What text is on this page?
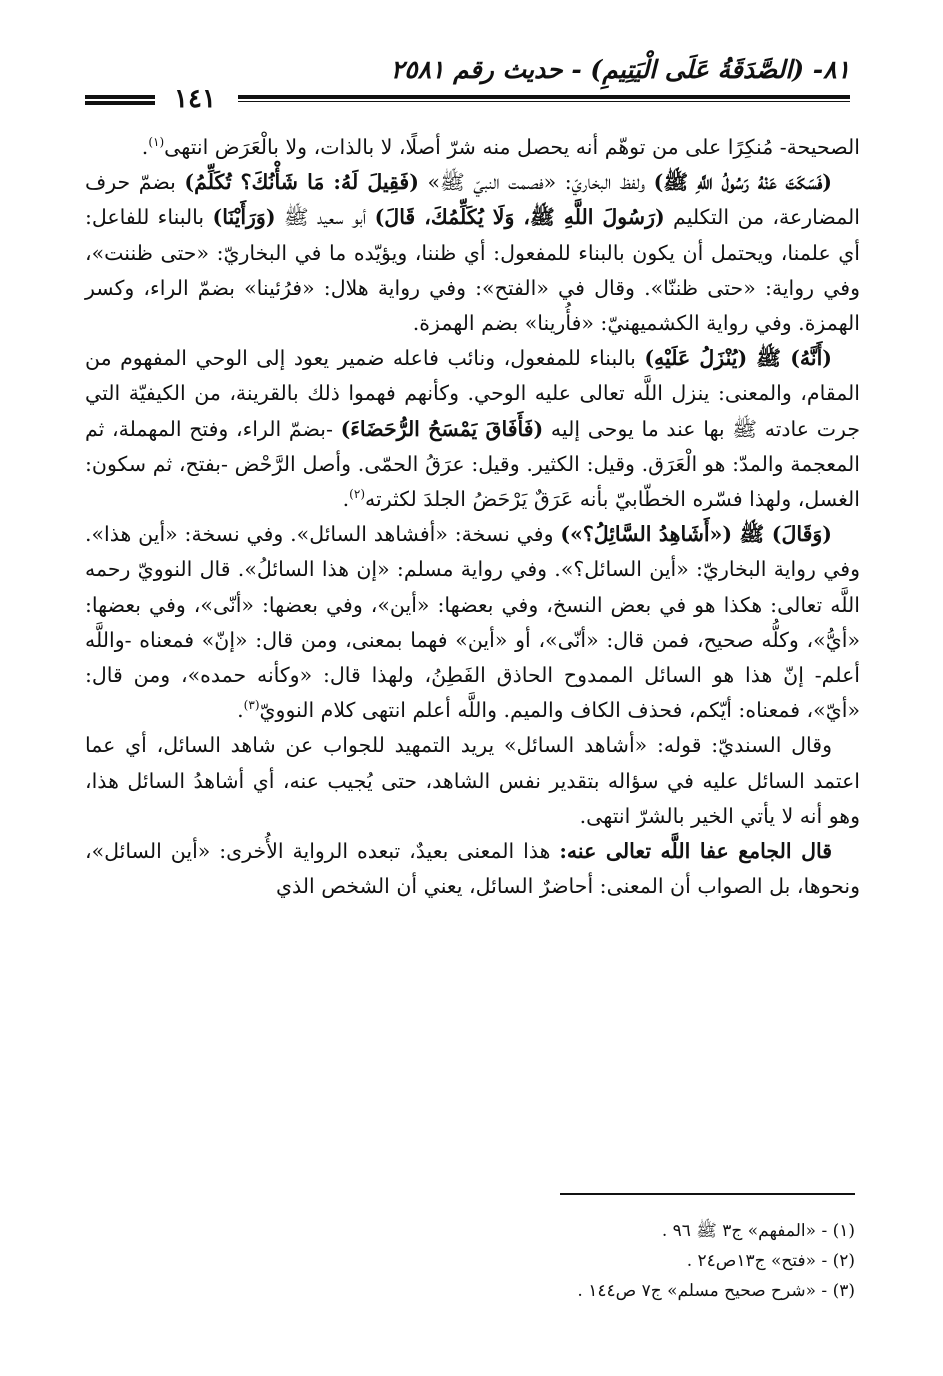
٨١- (الصَّدَقَةُ عَلَى الْيَتِيمِ) - حديث رقم ٢٥٨١
١٤١

الصحيحة- مُنكِرًا على من توهّم أنه يحصل منه شرّ أصلًا، لا بالذات، ولا بالْعَرَض انتهى$^{(١)}$.

(فَسَكَتَ عَنْهُ رَسُولُ اللَّهِ ﷺ) ولفظ البخاريّ: «فصمت النبيّ ﷺ» (فَقِيلَ لَهُ: مَا شَأْنُكَ؟ تُكَلِّمُ) بضمّ حرف المضارعة، من التكليم (رَسُولَ اللَّهِ ﷺ، وَلَا يُكَلِّمُكَ، قَالَ) أبو سعيد ﷺ (وَرَأَيْنَا) بالبناء للفاعل: أي علمنا، ويحتمل أن يكون بالبناء للمفعول: أي ظننا، ويؤيّده ما في البخاريّ: «حتى ظننت»، وفي رواية: «حتى ظننّا». وقال في «الفتح»: وفي رواية هلال: «فرُئينا» بضمّ الراء، وكسر الهمزة. وفي رواية الكشميهنيّ: «فأُرينا» بضم الهمزة.

(أَنَّهُ) ﷺ (يُنْزَلُ عَلَيْهِ) بالبناء للمفعول، ونائب فاعله ضمير يعود إلى الوحي المفهوم من المقام، والمعنى: ينزل اللَّه تعالى عليه الوحي. وكأنهم فهموا ذلك بالقرينة، من الكيفيّة التي جرت عادته ﷺ بها عند ما يوحى إليه (فَأَفَاقَ يَمْسَحُ الرُّحَضَاءَ) -بضمّ الراء، وفتح المهملة، ثم المعجمة والمدّ: هو الْعَرَق. وقيل: الكثير. وقيل: عرَقُ الحمّى. وأصل الرَّحْض -بفتح، ثم سكون: الغسل، ولهذا فسّره الخطّابيّ بأنه عَرَقٌ يَرْحَضُ الجلدَ لكثرته$^{(٢)}$.

(وَقَالَ) ﷺ («أَشَاهِدُ السَّائِلُ؟») وفي نسخة: «أفشاهد السائل». وفي نسخة: «أين هذا». وفي رواية البخاريّ: «أين السائل؟». وفي رواية مسلم: «إن هذا السائلُ». قال النوويّ رحمه اللَّه تعالى: هكذا هو في بعض النسخ، وفي بعضها: «أين»، وفي بعضها: «أنّى»، وفي بعضها: «أيُّ»، وكلُّه صحيح، فمن قال: «أنّى»، أو «أين» فهما بمعنى، ومن قال: «إنّ» فمعناه -واللَّه أعلم- إنّ هذا هو السائل الممدوح الحاذق الفَطِنُ، ولهذا قال: «وكأنه حمده»، ومن قال: «أيّ»، فمعناه: أيّكم، فحذف الكاف والميم. واللَّه أعلم انتهى كلام النوويّ$^{(٣)}$.

وقال السنديّ: قوله: «أشاهد السائل» يريد التمهيد للجواب عن شاهد السائل، أي عما اعتمد السائل عليه في سؤاله بتقدير نفس الشاهد، حتى يُجيب عنه، أي أشاهدُ السائل هذا، وهو أنه لا يأتي الخير بالشرّ انتهى.

قال الجامع عفا اللَّه تعالى عنه: هذا المعنى بعيدٌ، تبعده الرواية الأُخرى: «أين السائل»، ونحوها، بل الصواب أن المعنى: أحاضرٌ السائل، يعني أن الشخص الذي

(١) - «المفهم» ج٣ ﷺ ٩٦ .
(٢) - «فتح» ج١٣ص٢٤ .
(٣) - «شرح صحيح مسلم» ج٧ ص١٤٤ .
